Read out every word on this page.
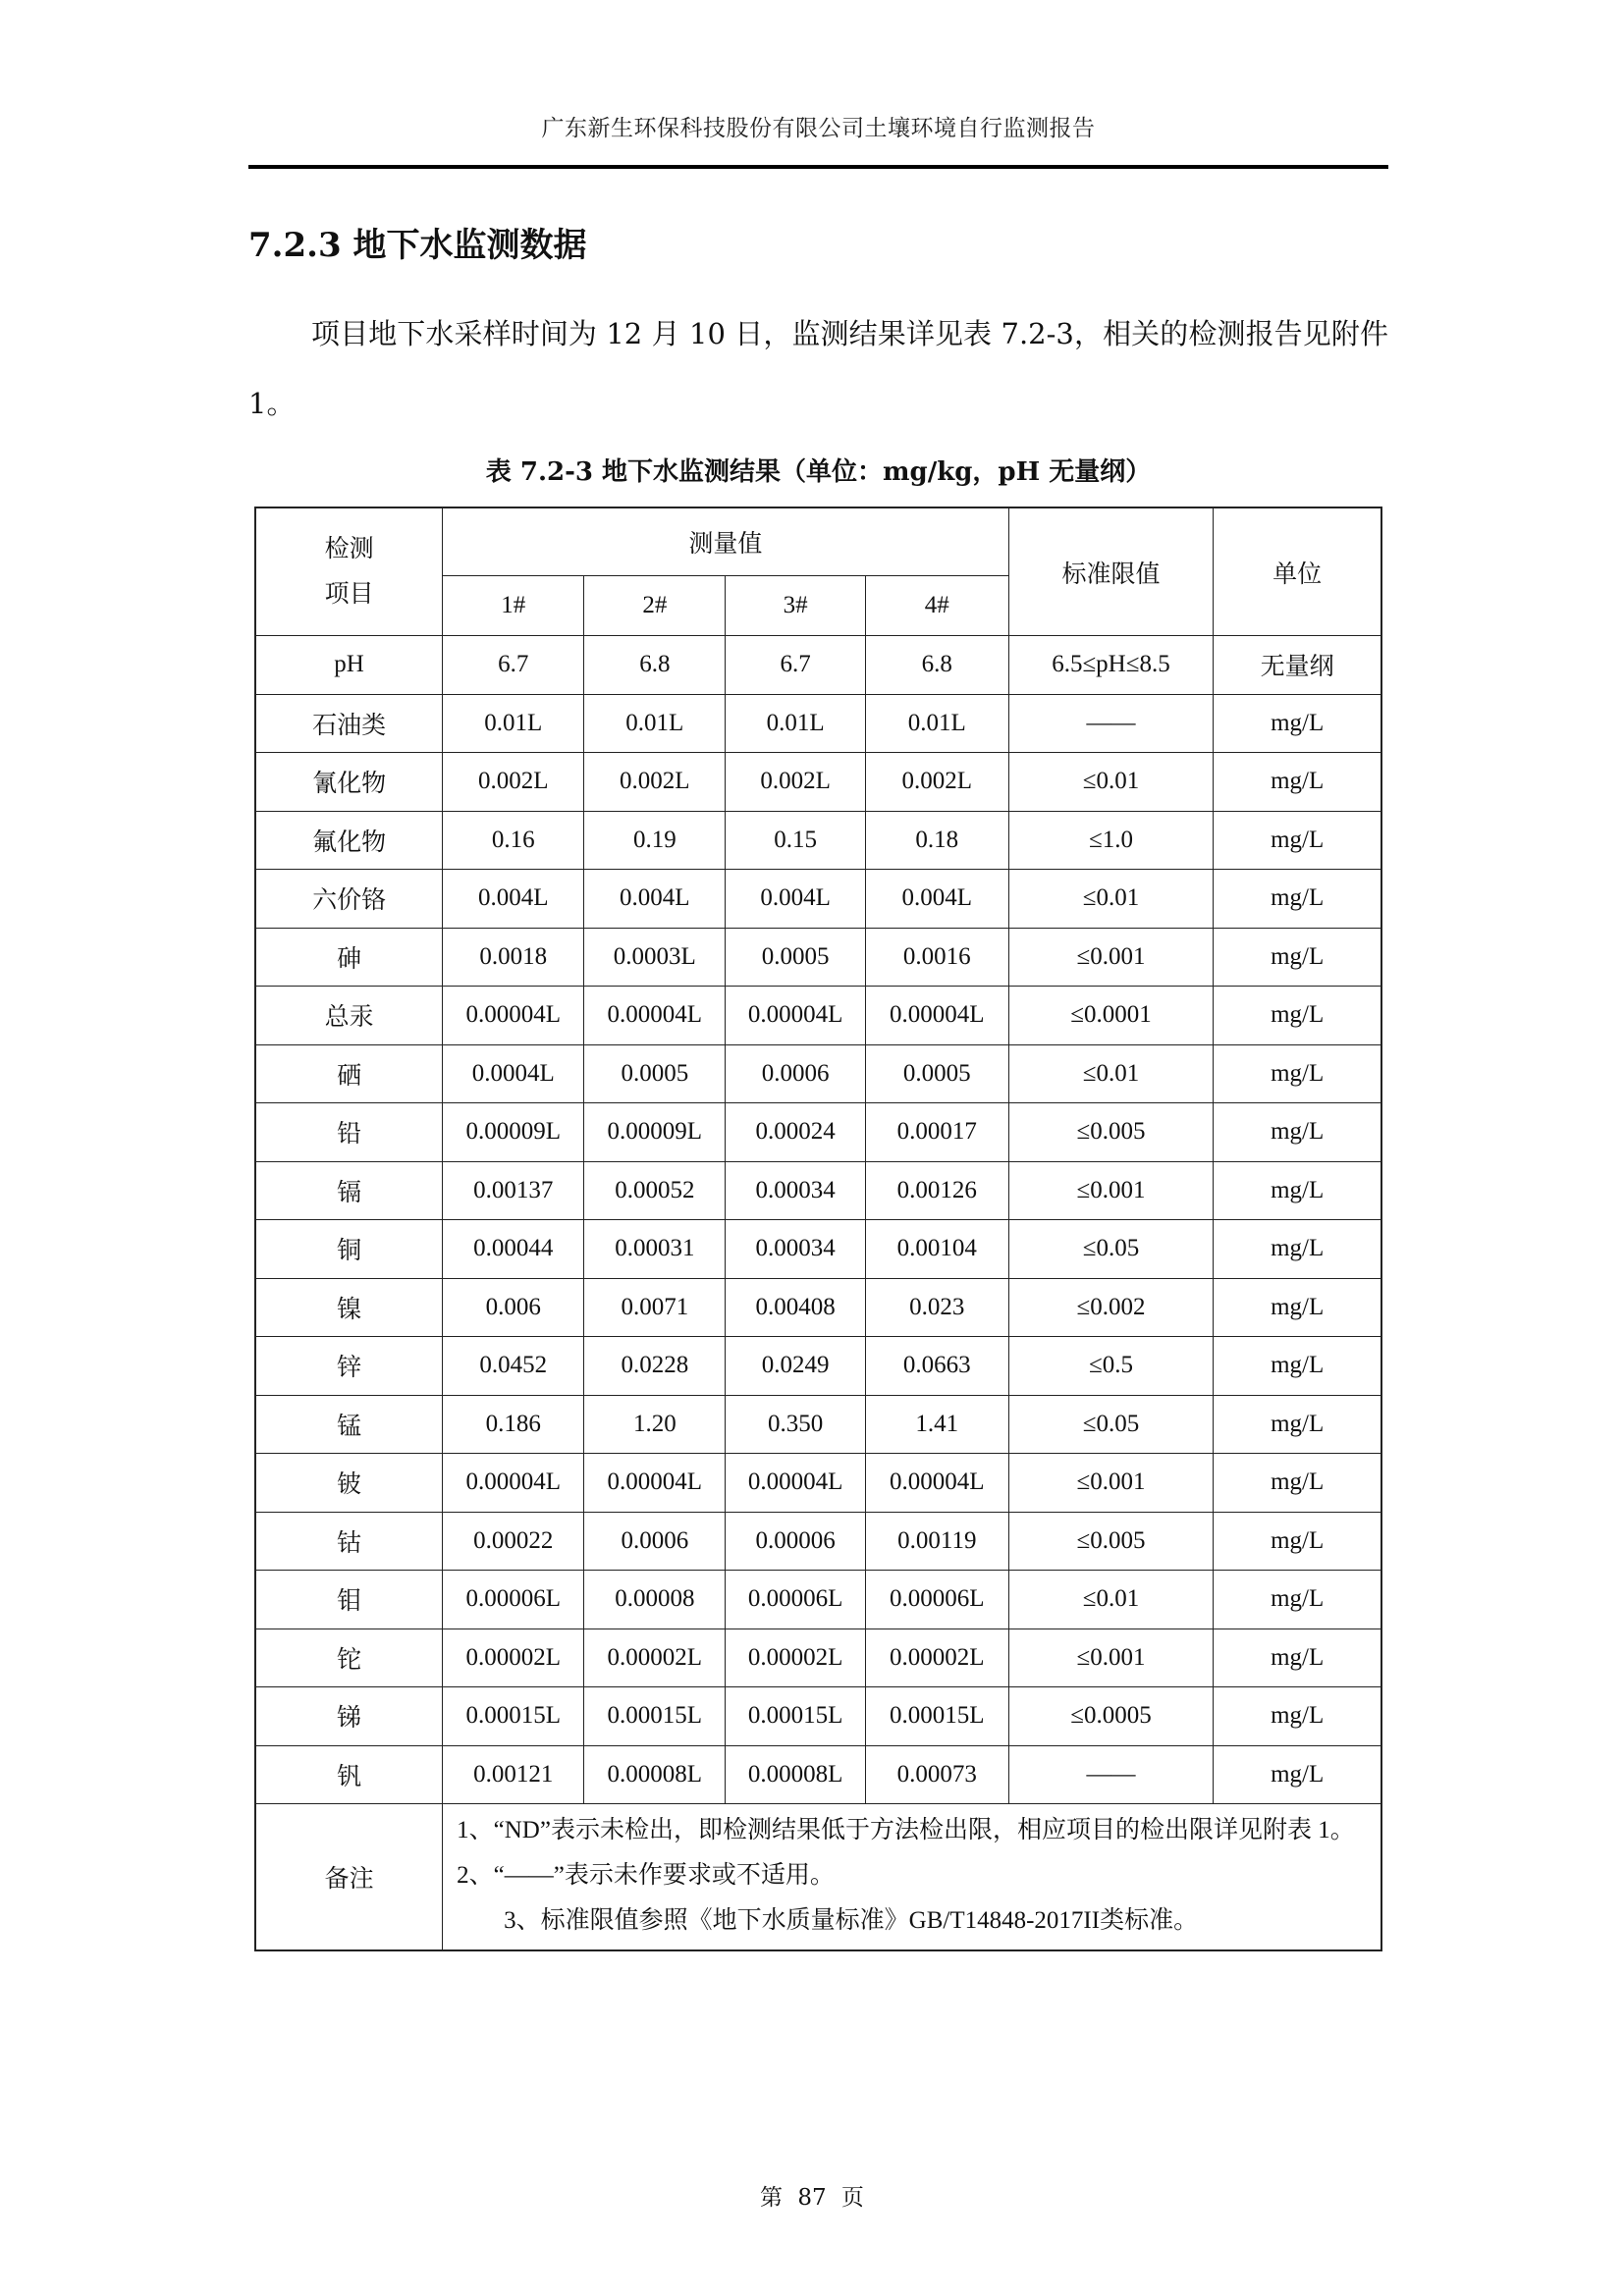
广东新生环保科技股份有限公司土壤环境自行监测报告
7.2.3 地下水监测数据
项目地下水采样时间为 12 月 10 日，监测结果详见表 7.2-3，相关的检测报告见附件 1。
表 7.2-3 地下水监测结果（单位：mg/kg，pH 无量纲）
检测
项目	测量值				标准限值	单位
	1#	2#	3#	4#		
pH	6.7	6.8	6.7	6.8	6.5≤pH≤8.5	无量纲
石油类	0.01L	0.01L	0.01L	0.01L	——	mg/L
氰化物	0.002L	0.002L	0.002L	0.002L	≤0.01	mg/L
氟化物	0.16	0.19	0.15	0.18	≤1.0	mg/L
六价铬	0.004L	0.004L	0.004L	0.004L	≤0.01	mg/L
砷	0.0018	0.0003L	0.0005	0.0016	≤0.001	mg/L
总汞	0.00004L	0.00004L	0.00004L	0.00004L	≤0.0001	mg/L
硒	0.0004L	0.0005	0.0006	0.0005	≤0.01	mg/L
铅	0.00009L	0.00009L	0.00024	0.00017	≤0.005	mg/L
镉	0.00137	0.00052	0.00034	0.00126	≤0.001	mg/L
铜	0.00044	0.00031	0.00034	0.00104	≤0.05	mg/L
镍	0.006	0.0071	0.00408	0.023	≤0.002	mg/L
锌	0.0452	0.0228	0.0249	0.0663	≤0.5	mg/L
锰	0.186	1.20	0.350	1.41	≤0.05	mg/L
铍	0.00004L	0.00004L	0.00004L	0.00004L	≤0.001	mg/L
钴	0.00022	0.0006	0.00006	0.00119	≤0.005	mg/L
钼	0.00006L	0.00008	0.00006L	0.00006L	≤0.01	mg/L
铊	0.00002L	0.00002L	0.00002L	0.00002L	≤0.001	mg/L
锑	0.00015L	0.00015L	0.00015L	0.00015L	≤0.0005	mg/L
钒	0.00121	0.00008L	0.00008L	0.00073	——	mg/L
备注	1、“ND”表示未检出，即检测结果低于方法检出限，相应项目的检出限详见附表 1。
2、“——”表示未作要求或不适用。
3、标准限值参照《地下水质量标准》GB/T14848-2017II类标准。					
第 87 页
